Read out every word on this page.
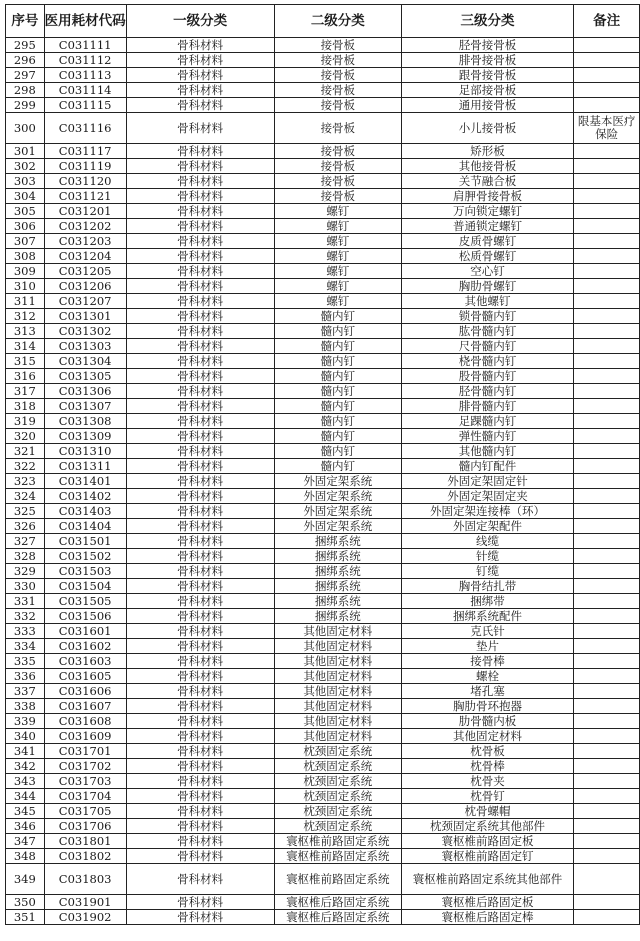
序号	医用耗材代码	一级分类	二级分类	三级分类	备注
295	C031111	骨科材料	接骨板	胫骨接骨板	
296	C031112	骨科材料	接骨板	腓骨接骨板	
297	C031113	骨科材料	接骨板	跟骨接骨板	
298	C031114	骨科材料	接骨板	足部接骨板	
299	C031115	骨科材料	接骨板	通用接骨板	
300	C031116	骨科材料	接骨板	小儿接骨板	限基本医疗保险
301	C031117	骨科材料	接骨板	矫形板	
302	C031119	骨科材料	接骨板	其他接骨板	
303	C031120	骨科材料	接骨板	关节融合板	
304	C031121	骨科材料	接骨板	肩胛骨接骨板	
305	C031201	骨科材料	螺钉	万向锁定螺钉	
306	C031202	骨科材料	螺钉	普通锁定螺钉	
307	C031203	骨科材料	螺钉	皮质骨螺钉	
308	C031204	骨科材料	螺钉	松质骨螺钉	
309	C031205	骨科材料	螺钉	空心钉	
310	C031206	骨科材料	螺钉	胸肋骨螺钉	
311	C031207	骨科材料	螺钉	其他螺钉	
312	C031301	骨科材料	髓内钉	锁骨髓内钉	
313	C031302	骨科材料	髓内钉	肱骨髓内钉	
314	C031303	骨科材料	髓内钉	尺骨髓内钉	
315	C031304	骨科材料	髓内钉	桡骨髓内钉	
316	C031305	骨科材料	髓内钉	股骨髓内钉	
317	C031306	骨科材料	髓内钉	胫骨髓内钉	
318	C031307	骨科材料	髓内钉	腓骨髓内钉	
319	C031308	骨科材料	髓内钉	足踝髓内钉	
320	C031309	骨科材料	髓内钉	弹性髓内钉	
321	C031310	骨科材料	髓内钉	其他髓内钉	
322	C031311	骨科材料	髓内钉	髓内钉配件	
323	C031401	骨科材料	外固定架系统	外固定架固定针	
324	C031402	骨科材料	外固定架系统	外固定架固定夹	
325	C031403	骨科材料	外固定架系统	外固定架连接棒（环）	
326	C031404	骨科材料	外固定架系统	外固定架配件	
327	C031501	骨科材料	捆绑系统	线缆	
328	C031502	骨科材料	捆绑系统	针缆	
329	C031503	骨科材料	捆绑系统	钉缆	
330	C031504	骨科材料	捆绑系统	胸骨结扎带	
331	C031505	骨科材料	捆绑系统	捆绑带	
332	C031506	骨科材料	捆绑系统	捆绑系统配件	
333	C031601	骨科材料	其他固定材料	克氏针	
334	C031602	骨科材料	其他固定材料	垫片	
335	C031603	骨科材料	其他固定材料	接骨棒	
336	C031605	骨科材料	其他固定材料	螺栓	
337	C031606	骨科材料	其他固定材料	堵孔塞	
338	C031607	骨科材料	其他固定材料	胸肋骨环抱器	
339	C031608	骨科材料	其他固定材料	肋骨髓内板	
340	C031609	骨科材料	其他固定材料	其他固定材料	
341	C031701	骨科材料	枕颈固定系统	枕骨板	
342	C031702	骨科材料	枕颈固定系统	枕骨棒	
343	C031703	骨科材料	枕颈固定系统	枕骨夹	
344	C031704	骨科材料	枕颈固定系统	枕骨钉	
345	C031705	骨科材料	枕颈固定系统	枕骨螺帽	
346	C031706	骨科材料	枕颈固定系统	枕颈固定系统其他部件	
347	C031801	骨科材料	寰枢椎前路固定系统	寰枢椎前路固定板	
348	C031802	骨科材料	寰枢椎前路固定系统	寰枢椎前路固定钉	
349	C031803	骨科材料	寰枢椎前路固定系统	寰枢椎前路固定系统其他部件	
350	C031901	骨科材料	寰枢椎后路固定系统	寰枢椎后路固定板	
351	C031902	骨科材料	寰枢椎后路固定系统	寰枢椎后路固定棒	
